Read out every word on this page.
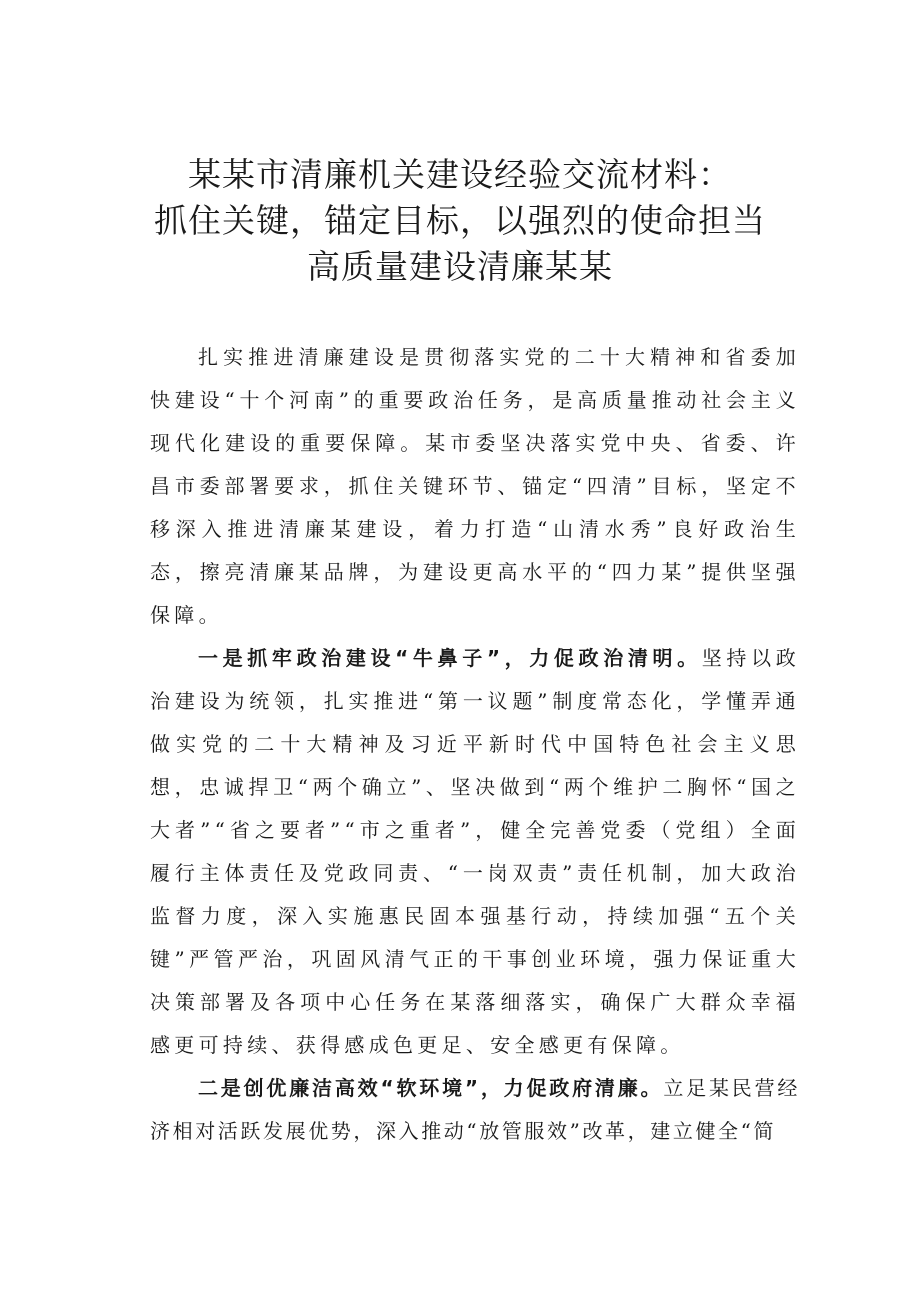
某某市清廉机关建设经验交流材料：
抓住关键，锚定目标，以强烈的使命担当
高质量建设清廉某某

扎实推进清廉建设是贯彻落实党的二十大精神和省委加快建设“十个河南”的重要政治任务，是高质量推动社会主义现代化建设的重要保障。某市委坚决落实党中央、省委、许昌市委部署要求，抓住关键环节、锚定“四清”目标，坚定不移深入推进清廉某建设，着力打造“山清水秀”良好政治生态，擦亮清廉某品牌，为建设更高水平的“四力某”提供坚强保障。

一是抓牢政治建设“牛鼻子”，力促政治清明。坚持以政治建设为统领，扎实推进“第一议题”制度常态化，学懂弄通做实党的二十大精神及习近平新时代中国特色社会主义思想，忠诚捍卫“两个确立”、坚决做到“两个维护二胸怀“国之大者”“省之要者”“市之重者”，健全完善党委（党组）全面履行主体责任及党政同责、“一岗双责”责任机制，加大政治监督力度，深入实施惠民固本强基行动，持续加强“五个关键”严管严治，巩固风清气正的干事创业环境，强力保证重大决策部署及各项中心任务在某落细落实，确保广大群众幸福感更可持续、获得感成色更足、安全感更有保障。

二是创优廉洁高效“软环境”，力促政府清廉。立足某民营经济相对活跃发展优势，深入推动“放管服效”改革，建立健全“简
